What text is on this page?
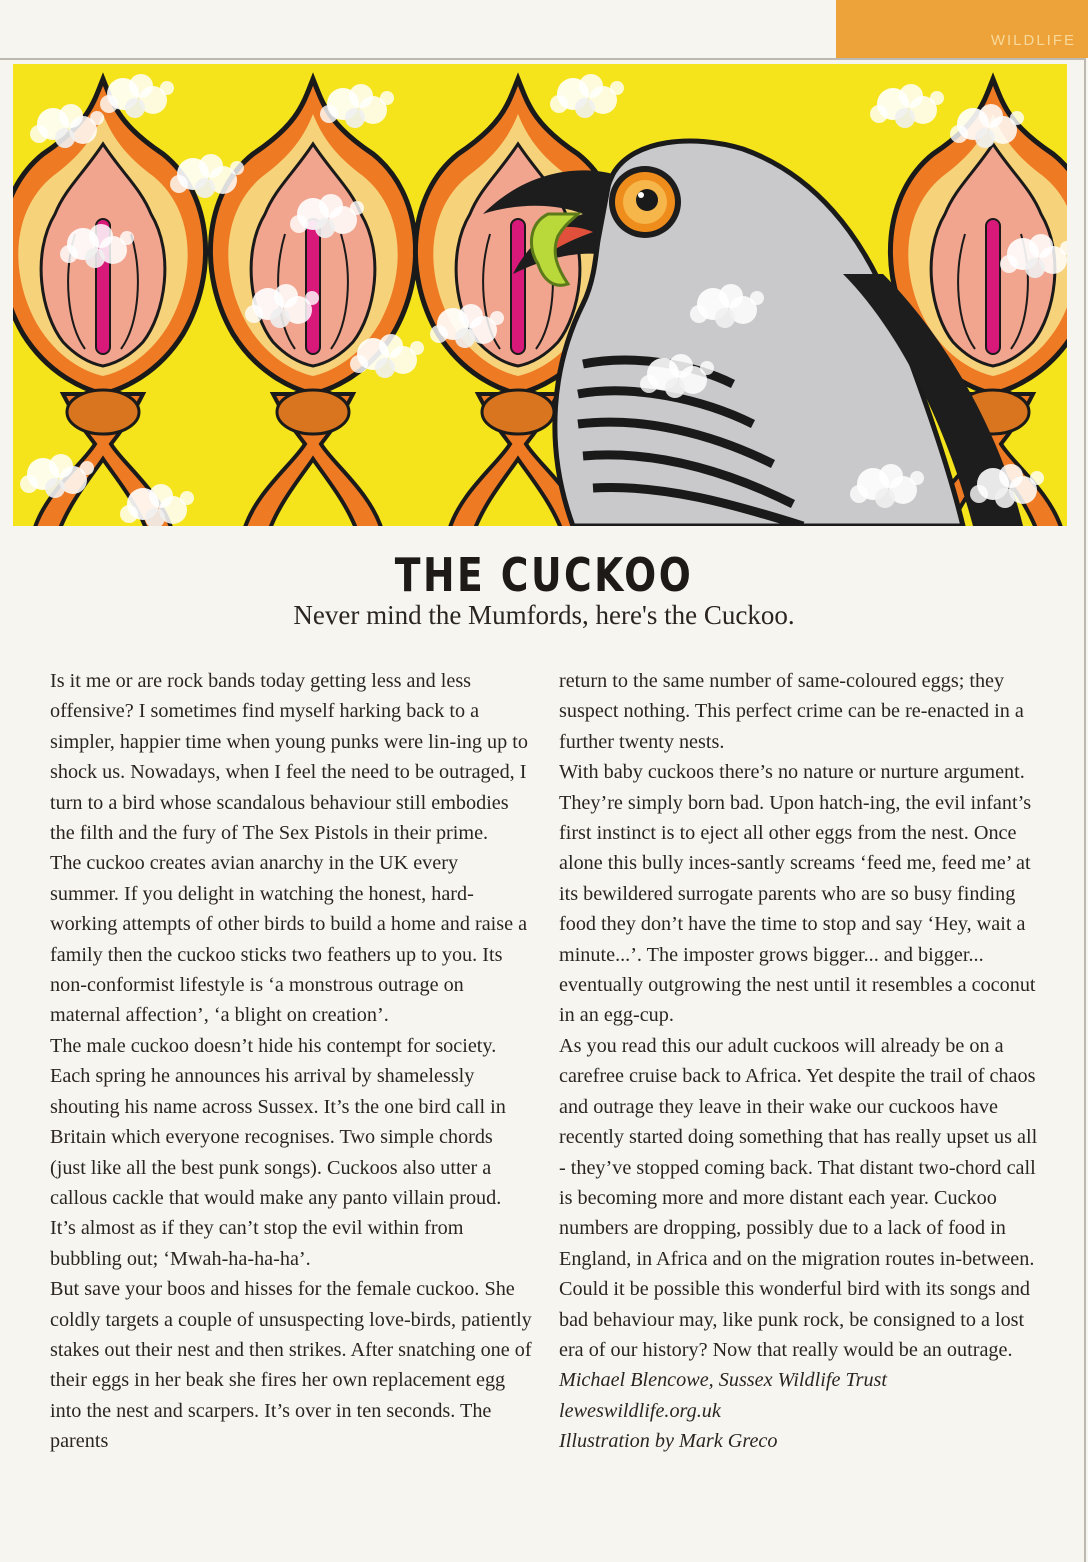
WILDLIFE
THE CUCKOO
Never mind the Mumfords, here's the Cuckoo.

Is it me or are rock bands today getting less and less offensive? I sometimes find myself harking back to a simpler, happier time when young punks were lin-ing up to shock us. Nowadays, when I feel the need to be outraged, I turn to a bird whose scandalous behaviour still embodies the filth and the fury of The Sex Pistols in their prime.

The cuckoo creates avian anarchy in the UK every summer. If you delight in watching the honest, hard-working attempts of other birds to build a home and raise a family then the cuckoo sticks two feathers up to you. Its non-conformist lifestyle is ‘a monstrous outrage on maternal affection’, ‘a blight on creation’.

The male cuckoo doesn’t hide his contempt for society. Each spring he announces his arrival by shamelessly shouting his name across Sussex. It’s the one bird call in Britain which everyone recognises. Two simple chords (just like all the best punk songs). Cuckoos also utter a callous cackle that would make any panto villain proud. It’s almost as if they can’t stop the evil within from bubbling out; ‘Mwah-ha-ha-ha’.

But save your boos and hisses for the female cuckoo. She coldly targets a couple of unsuspecting love-birds, patiently stakes out their nest and then strikes. After snatching one of their eggs in her beak she fires her own replacement egg into the nest and scarpers. It’s over in ten seconds. The parents

return to the same number of same-coloured eggs; they suspect nothing. This perfect crime can be re-enacted in a further twenty nests.

With baby cuckoos there’s no nature or nurture argument. They’re simply born bad. Upon hatch-ing, the evil infant’s first instinct is to eject all other eggs from the nest. Once alone this bully inces-santly screams ‘feed me, feed me’ at its bewildered surrogate parents who are so busy finding food they don’t have the time to stop and say ‘Hey, wait a minute...’. The imposter grows bigger... and bigger... eventually outgrowing the nest until it resembles a coconut in an egg-cup.

As you read this our adult cuckoos will already be on a carefree cruise back to Africa. Yet despite the trail of chaos and outrage they leave in their wake our cuckoos have recently started doing something that has really upset us all - they’ve stopped coming back. That distant two-chord call is becoming more and more distant each year. Cuckoo numbers are dropping, possibly due to a lack of food in England, in Africa and on the migration routes in-between. Could it be possible this wonderful bird with its songs and bad behaviour may, like punk rock, be consigned to a lost era of our history? Now that really would be an outrage.

Michael Blencowe, Sussex Wildlife Trust

leweswildlife.org.uk

Illustration by Mark Greco
